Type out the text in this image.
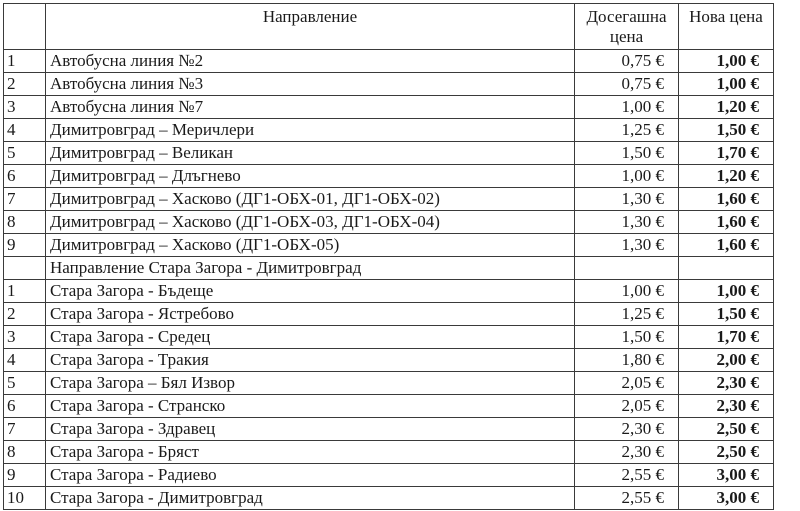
	Направление	Досегашна цена	Нова цена
1	Автобусна линия №2	0,75 €	1,00 €
2	Автобусна линия №3	0,75 €	1,00 €
3	Автобусна линия №7	1,00 €	1,20 €
4	Димитровград – Меричлери	1,25 €	1,50 €
5	Димитровград – Великан	1,50 €	1,70 €
6	Димитровград – Длъгнево	1,00 €	1,20 €
7	Димитровград – Хасково (ДГ1-ОБХ-01, ДГ1-ОБХ-02)	1,30 €	1,60 €
8	Димитровград – Хасково (ДГ1-ОБХ-03, ДГ1-ОБХ-04)	1,30 €	1,60 €
9	Димитровград – Хасково (ДГ1-ОБХ-05)	1,30 €	1,60 €
	Направление Стара Загора - Димитровград		
1	Стара Загора - Бъдеще	1,00 €	1,00 €
2	Стара Загора - Ястребово	1,25 €	1,50 €
3	Стара Загора - Средец	1,50 €	1,70 €
4	Стара Загора - Тракия	1,80 €	2,00 €
5	Стара Загора – Бял Извор	2,05 €	2,30 €
6	Стара Загора - Странско	2,05 €	2,30 €
7	Стара Загора - Здравец	2,30 €	2,50 €
8	Стара Загора - Бряст	2,30 €	2,50 €
9	Стара Загора - Радиево	2,55 €	3,00 €
10	Стара Загора - Димитровград	2,55 €	3,00 €
